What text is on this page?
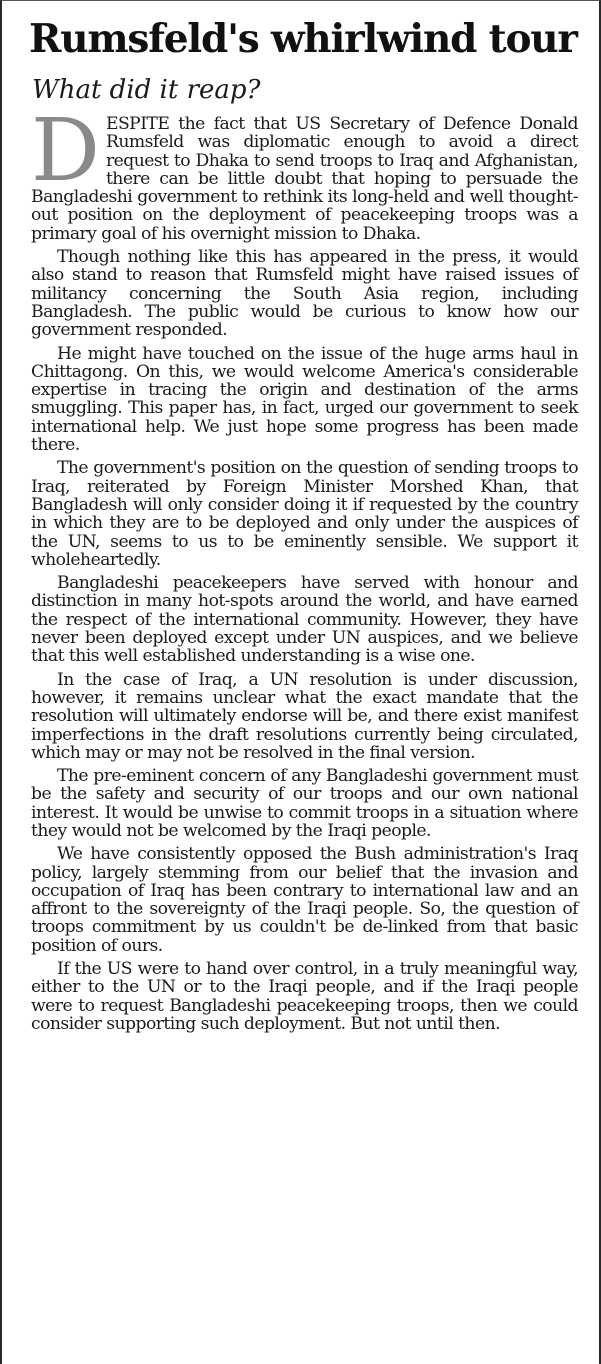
Rumsfeld's whirlwind tour
What did it reap?

DESPITE the fact that US Secretary of Defence Donald Rumsfeld was diplomatic enough to avoid a direct request to Dhaka to send troops to Iraq and Afghanistan, there can be little doubt that hoping to persuade the Bangladeshi government to rethink its long-held and well thought-out position on the deployment of peacekeeping troops was a primary goal of his overnight mission to Dhaka.

Though nothing like this has appeared in the press, it would also stand to reason that Rumsfeld might have raised issues of militancy concerning the South Asia region, including Bangladesh. The public would be curious to know how our government responded.

He might have touched on the issue of the huge arms haul in Chittagong. On this, we would welcome America's considerable expertise in tracing the origin and destination of the arms smuggling. This paper has, in fact, urged our government to seek international help. We just hope some progress has been made there.

The government's position on the question of sending troops to Iraq, reiterated by Foreign Minister Morshed Khan, that Bangladesh will only consider doing it if requested by the country in which they are to be deployed and only under the auspices of the UN, seems to us to be eminently sensible. We support it wholeheartedly.

Bangladeshi peacekeepers have served with honour and distinction in many hot-spots around the world, and have earned the respect of the international community. However, they have never been deployed except under UN auspices, and we believe that this well established understanding is a wise one.

In the case of Iraq, a UN resolution is under discussion, however, it remains unclear what the exact mandate that the resolution will ultimately endorse will be, and there exist manifest imperfections in the draft resolutions currently being circulated, which may or may not be resolved in the final version.

The pre-eminent concern of any Bangladeshi government must be the safety and security of our troops and our own national interest. It would be unwise to commit troops in a situation where they would not be welcomed by the Iraqi people.

We have consistently opposed the Bush administration's Iraq policy, largely stemming from our belief that the invasion and occupation of Iraq has been contrary to international law and an affront to the sovereignty of the Iraqi people. So, the question of troops commitment by us couldn't be de-linked from that basic position of ours.

If the US were to hand over control, in a truly meaningful way, either to the UN or to the Iraqi people, and if the Iraqi people were to request Bangladeshi peacekeeping troops, then we could consider supporting such deployment. But not until then.
